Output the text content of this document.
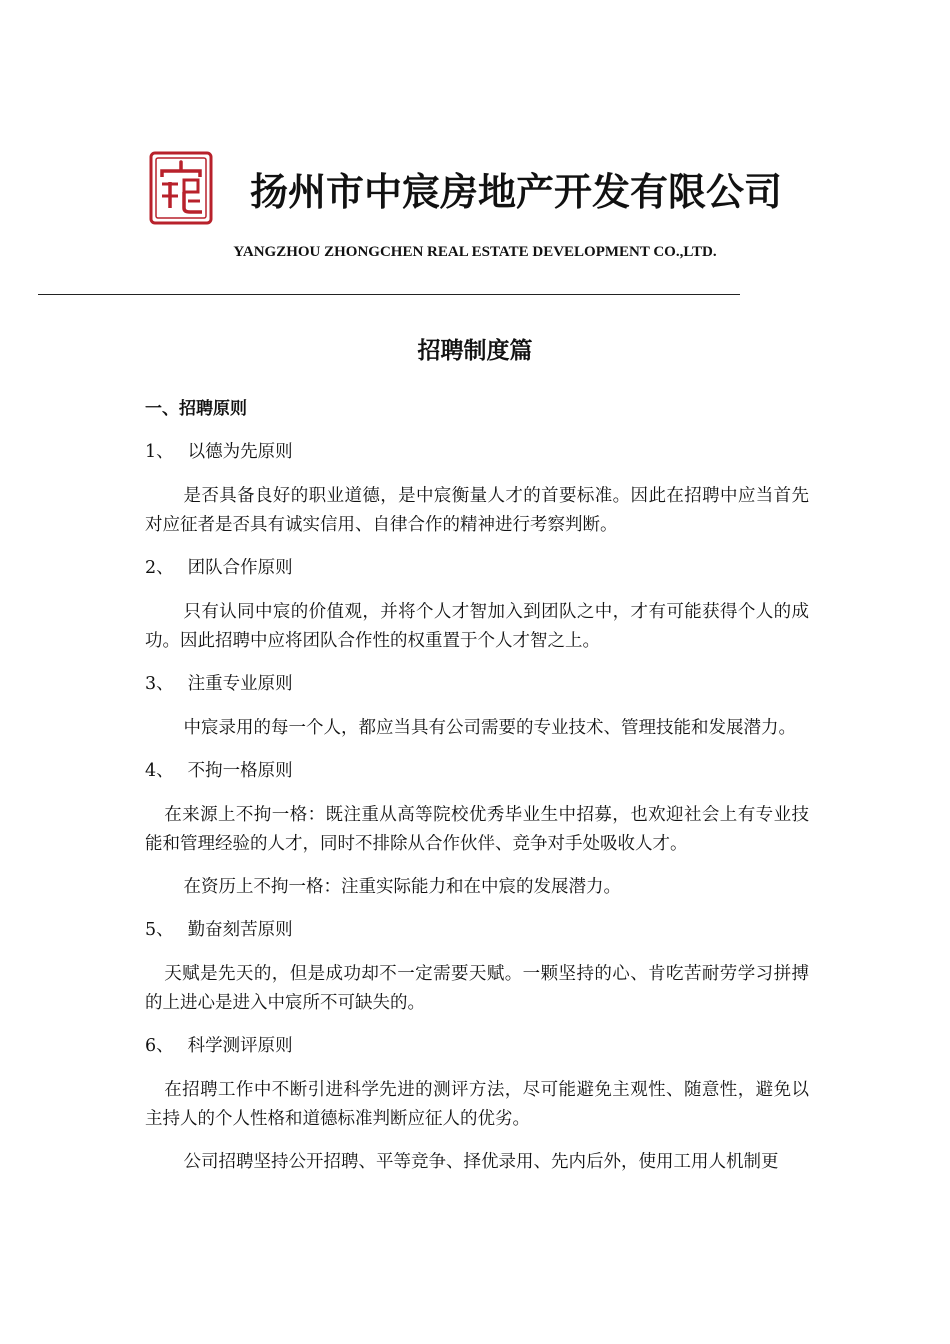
扬州市中宸房地产开发有限公司
YANGZHOU ZHONGCHEN REAL ESTATE DEVELOPMENT CO.,LTD.
招聘制度篇
一、招聘原则
1、 以德为先原则

是否具备良好的职业道德，是中宸衡量人才的首要标准。因此在招聘中应当首先对应征者是否具有诚实信用、自律合作的精神进行考察判断。

2、 团队合作原则

只有认同中宸的价值观，并将个人才智加入到团队之中，才有可能获得个人的成功。因此招聘中应将团队合作性的权重置于个人才智之上。

3、 注重专业原则

中宸录用的每一个人，都应当具有公司需要的专业技术、管理技能和发展潜力。

4、 不拘一格原则

在来源上不拘一格：既注重从高等院校优秀毕业生中招募，也欢迎社会上有专业技能和管理经验的人才，同时不排除从合作伙伴、竞争对手处吸收人才。

在资历上不拘一格：注重实际能力和在中宸的发展潜力。

5、 勤奋刻苦原则

天赋是先天的，但是成功却不一定需要天赋。一颗坚持的心、肯吃苦耐劳学习拼搏的上进心是进入中宸所不可缺失的。

6、 科学测评原则

在招聘工作中不断引进科学先进的测评方法，尽可能避免主观性、随意性，避免以主持人的个人性格和道德标准判断应征人的优劣。

公司招聘坚持公开招聘、平等竞争、择优录用、先内后外，使用工用人机制更
